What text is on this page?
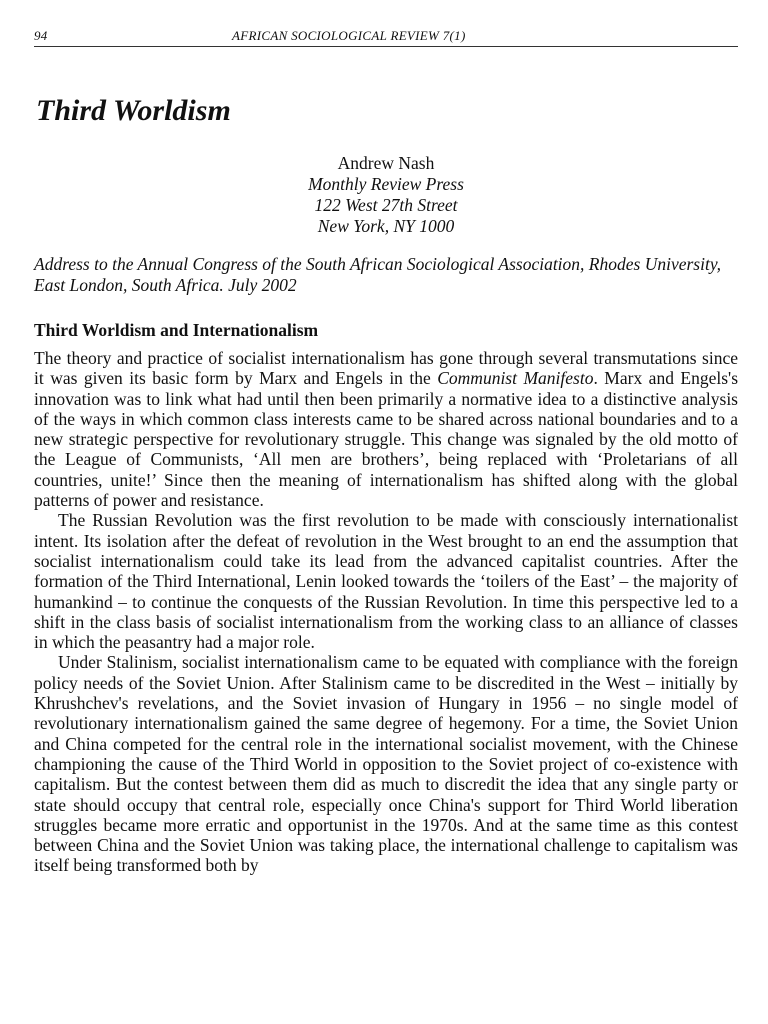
94	AFRICAN SOCIOLOGICAL REVIEW 7(1)
Third Worldism
Andrew Nash
Monthly Review Press
122 West 27th Street
New York, NY 1000
Address to the Annual Congress of the South African Sociological Association, Rhodes University, East London, South Africa. July 2002
Third Worldism and Internationalism

The theory and practice of socialist internationalism has gone through several transmutations since it was given its basic form by Marx and Engels in the Communist Manifesto. Marx and Engels's innovation was to link what had until then been primarily a normative idea to a distinctive analysis of the ways in which common class interests came to be shared across national boundaries and to a new strategic perspective for revolutionary struggle. This change was signaled by the old motto of the League of Communists, ‘All men are brothers’, being replaced with ‘Proletarians of all countries, unite!’ Since then the meaning of internationalism has shifted along with the global patterns of power and resistance.

The Russian Revolution was the first revolution to be made with consciously internationalist intent. Its isolation after the defeat of revolution in the West brought to an end the assumption that socialist internationalism could take its lead from the advanced capitalist countries. After the formation of the Third International, Lenin looked towards the ‘toilers of the East’ – the majority of humankind – to continue the conquests of the Russian Revolution. In time this perspective led to a shift in the class basis of socialist internationalism from the working class to an alliance of classes in which the peasantry had a major role.

Under Stalinism, socialist internationalism came to be equated with compliance with the foreign policy needs of the Soviet Union. After Stalinism came to be discredited in the West – initially by Khrushchev's revelations, and the Soviet invasion of Hungary in 1956 – no single model of revolutionary internationalism gained the same degree of hegemony. For a time, the Soviet Union and China competed for the central role in the international socialist movement, with the Chinese championing the cause of the Third World in opposition to the Soviet project of co-existence with capitalism. But the contest between them did as much to discredit the idea that any single party or state should occupy that central role, especially once China's support for Third World liberation struggles became more erratic and opportunist in the 1970s. And at the same time as this contest between China and the Soviet Union was taking place, the international challenge to capitalism was itself being transformed both by
